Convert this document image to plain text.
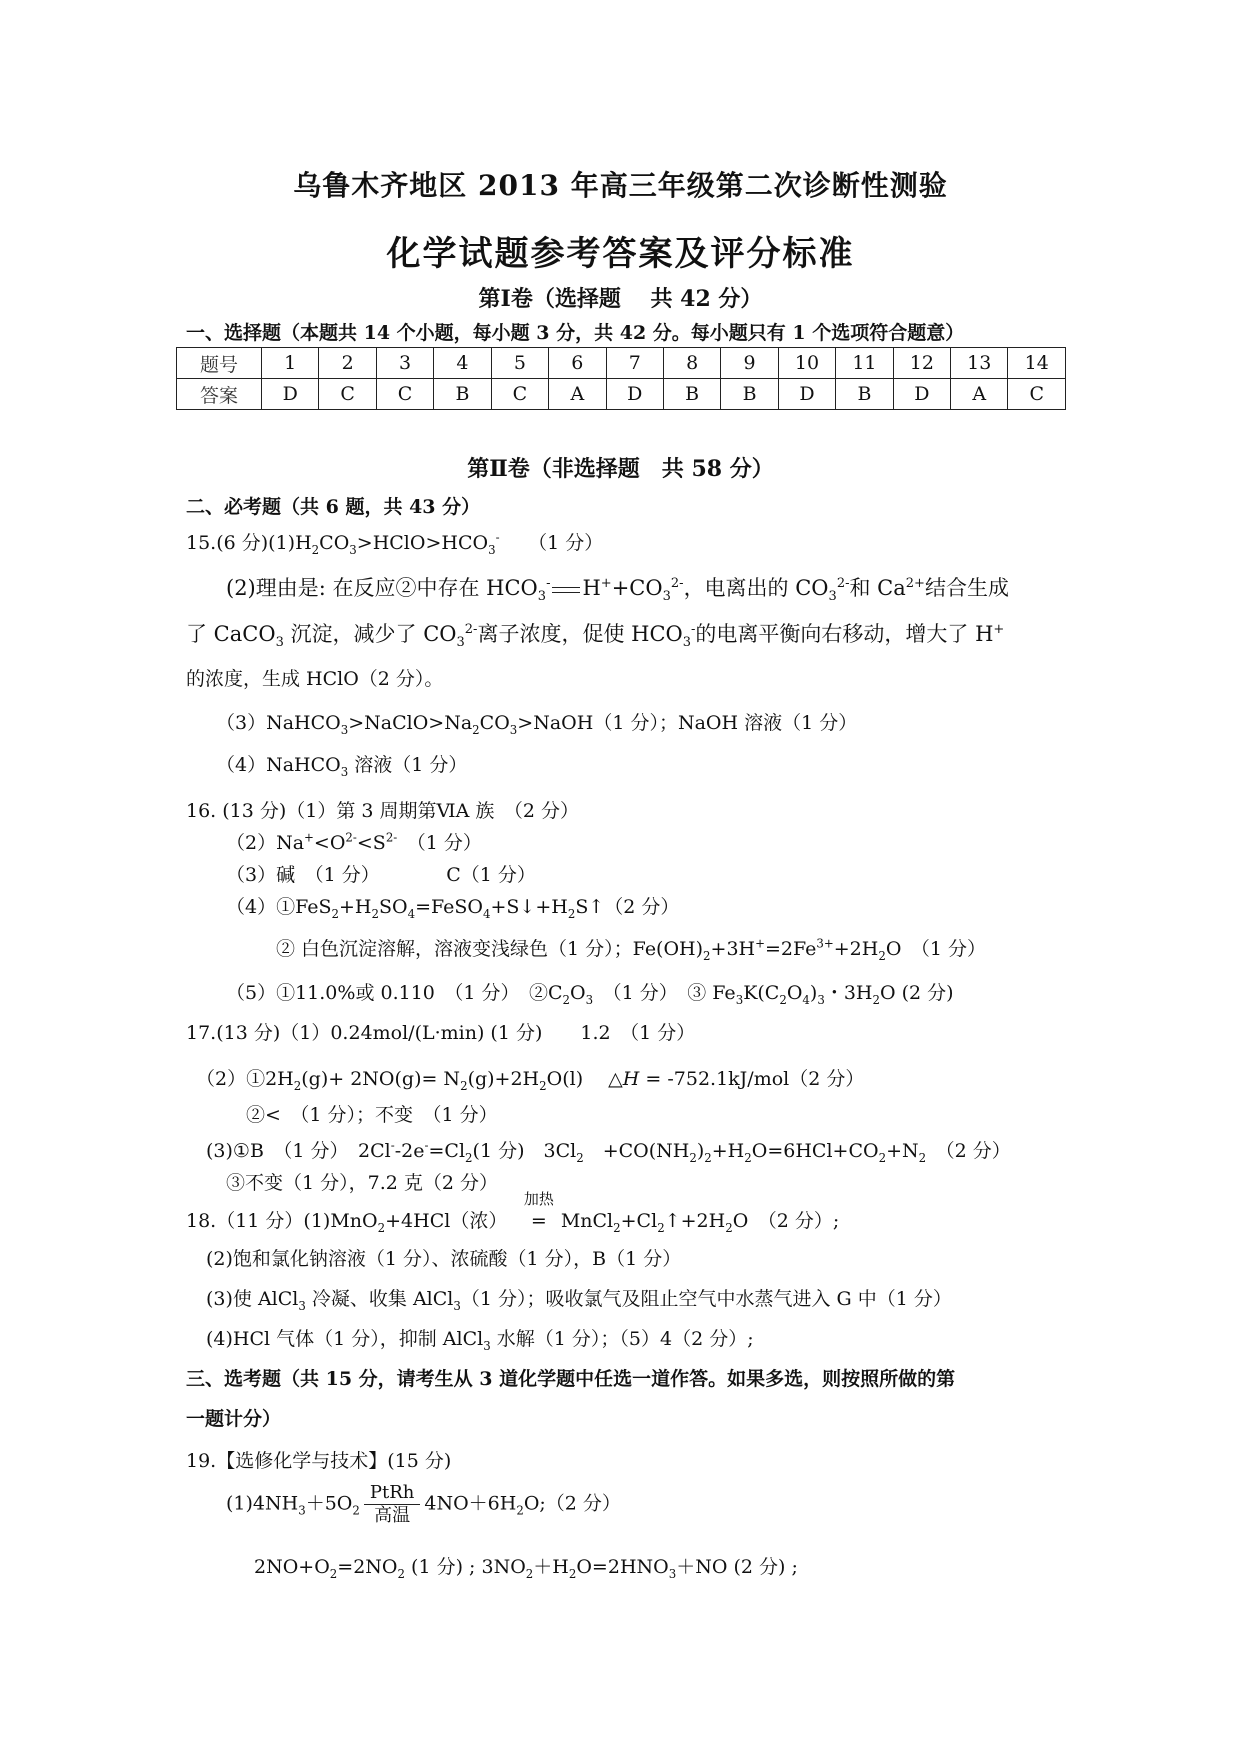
乌鲁木齐地区 2013 年高三年级第二次诊断性测验
化学试题参考答案及评分标准
第Ⅰ卷（选择题　 共 42 分）
一、选择题（本题共 14 个小题，每小题 3 分，共 42 分。每小题只有 1 个选项符合题意）
题号	1	2	3	4	5	6	7	8	9	10	11	12	13	14
答案	D	C	C	B	C	A	D	B	B	D	B	D	A	C
第Ⅱ卷（非选择题　共 58 分）
二、必考题（共 6 题，共 43 分）
15.(6 分)$(1)H_2CO_3>HClO>HCO_3^-$　　（1 分）
(2)理由是: 在反应②中存在 $HCO_3^-$ $H^++CO_3^{2-}$，电离出的 $CO_3^{2-}$和 $Ca^{2+}$结合生成
了 CaCO$_3$ 沉淀，减少了 $CO_3^{2-}$离子浓度，促使 $HCO_3^-$的电离平衡向右移动，增大了 H+
的浓度，生成 HClO（2 分）。
$(3)NaHCO_3>NaClO>Na_2CO_3>NaOH(1$ 分）；NaOH 溶液（1 分）
（4）NaHCO$_3$ 溶液（1 分）
16. (13 分)（1）第 3 周期第ⅥA 族　（2 分）
$(2)Na^+<O^{2-}<S^{2-}$　（1 分）
（3）碱　（1 分）　　　　C（1 分）
$(4)①FeS_2+H_2SO_4=FeSO_4+S↓+H_2S↑(2$ 分）
② 白色沉淀溶解，溶液变浅绿色（1 分）；$Fe(OH)_2+3H^+=2Fe^{3+}+2H_2O$　（1 分）
（5）①11.0%或 0.110　（1 分）　$②C_2O_3$　（1 分）　③ $Fe_3K(C_2O_4)_3$・$3H_2O$ (2 分)
17.(13 分)（1）0.24mol/(L·min) (1 分)　　1.2　（1 分）
$(2)①2H_2(g)+ 2NO(g)= N_2(g)+2H_2O(l)$　 △H = -752.1kJ/mol（2 分）
②<　（1 分）；不变　（1 分）
(3)①B　（1 分）　$2Cl^--2e^-=Cl_2(1$ 分)　$3Cl_2$　$+CO(NH_2)_2+H_2O=6HCl+CO_2+N_2$　（2 分）
③不变（1 分），7.2 克（2 分）
18.（11 分）(1)MnO$_2$+4HCl（浓）　
加热
= $MnCl_2+Cl_2↑+2H_2O$　（2 分）;
(2)饱和氯化钠溶液（1 分）、浓硫酸（1 分），B（1 分）
(3)使 AlCl$_3$ 冷凝、收集 AlCl$_3$（1 分）；吸收氯气及阻止空气中水蒸气进入 G 中（1 分）
(4)HCl 气体（1 分），抑制 AlCl$_3$ 水解（1 分）；（5）4（2 分）;
三、选考题（共 15 分，请考生从 3 道化学题中任选一道作答。如果多选，则按照所做的第
一题计分）
19.【选修化学与技术】(15 分)
$(1)4NH_3+5O_2 \frac{\text{PtRh}}{\text{高温}}$ $4NO+6H_2O;(2$ 分）
$2NO+O_2=2NO_2$ (1 分) ; $3NO_2+H_2O=2HNO_3+NO$ (2 分) ;
